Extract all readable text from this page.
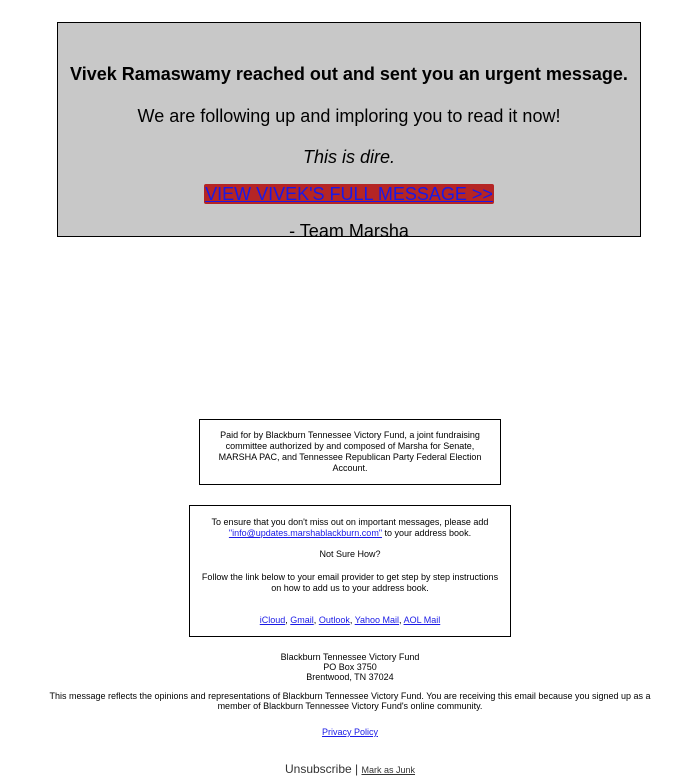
Vivek Ramaswamy reached out and sent you an urgent message.
We are following up and imploring you to read it now!
This is dire.
VIEW VIVEK'S FULL MESSAGE >>
- Team Marsha
Paid for by Blackburn Tennessee Victory Fund, a joint fundraising committee authorized by and composed of Marsha for Senate, MARSHA PAC, and Tennessee Republican Party Federal Election Account.
To ensure that you don't miss out on important messages, please add "info@updates.marshablackburn.com" to your address book.
Not Sure How?
Follow the link below to your email provider to get step by step instructions on how to add us to your address book.
iCloud, Gmail, Outlook, Yahoo Mail, AOL Mail
Blackburn Tennessee Victory Fund
PO Box 3750
Brentwood, TN 37024
This message reflects the opinions and representations of Blackburn Tennessee Victory Fund. You are receiving this email because you signed up as a member of Blackburn Tennessee Victory Fund's online community.
Privacy Policy
Unsubscribe | Mark as Junk
